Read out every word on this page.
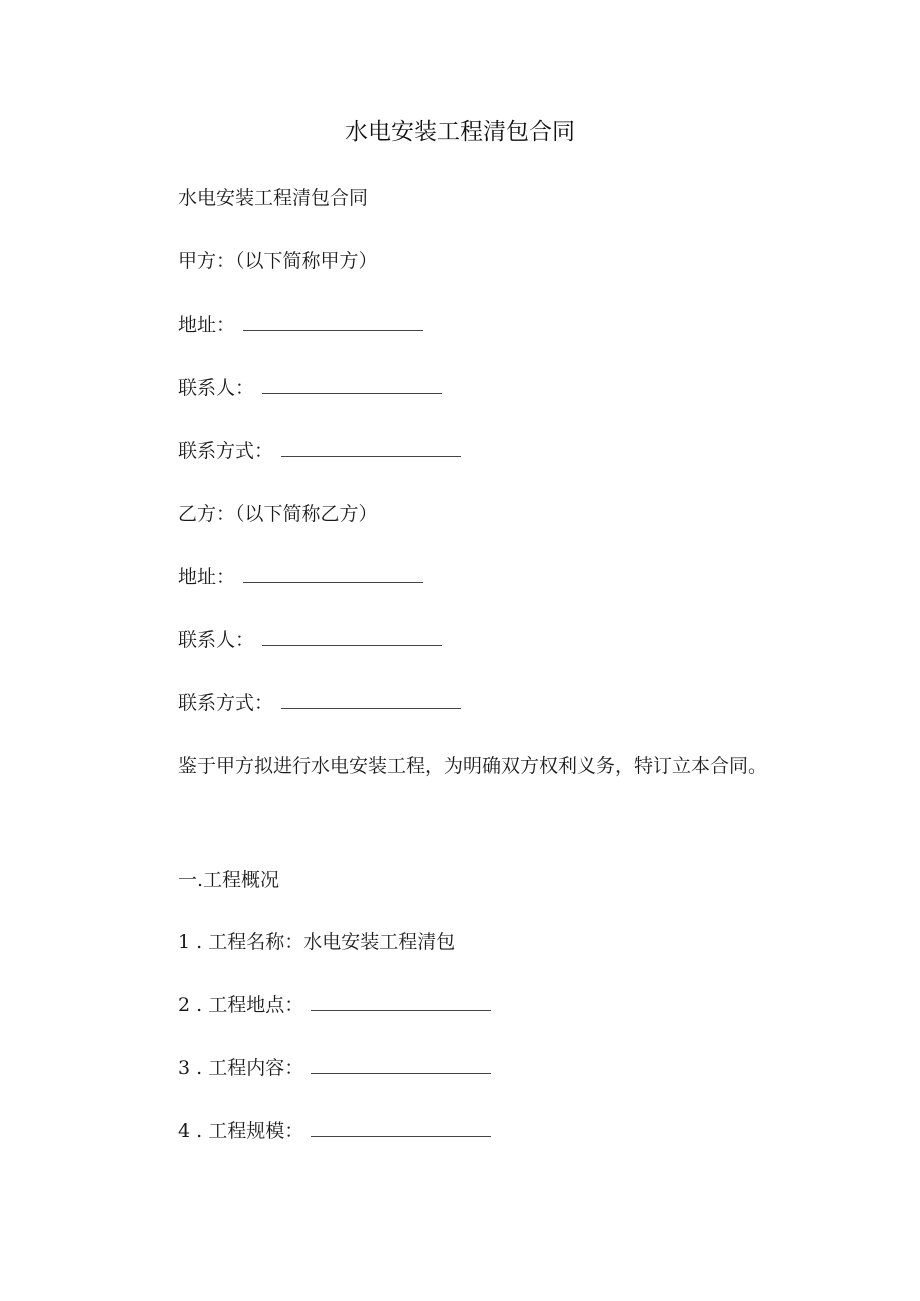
水电安装工程清包合同
水电安装工程清包合同
甲方：（以下简称甲方）
地址：
联系人：
联系方式：
乙方：（以下简称乙方）
地址：
联系人：
联系方式：
鉴于甲方拟进行水电安装工程，为明确双方权利义务，特订立本合同。
一.工程概况
1 . 工程名称：水电安装工程清包
2 . 工程地点：
3 . 工程内容：
4 . 工程规模：
